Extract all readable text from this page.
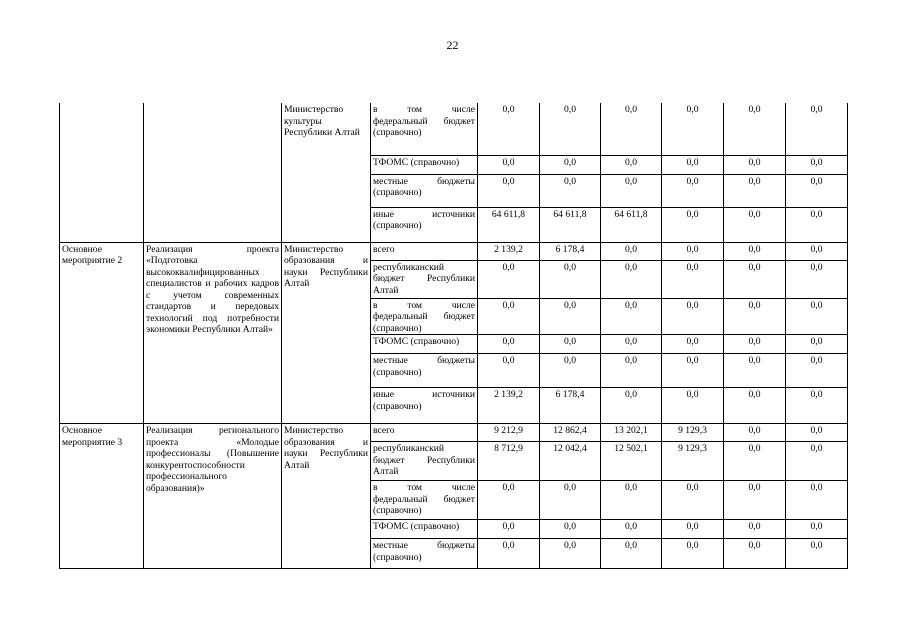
22
		Министерство культуры Республики Алтай	в том числе федеральный бюджет (справочно)	0,0	0,0	0,0	0,0	0,0	0,0
			ТФОМС (справочно)	0,0	0,0	0,0	0,0	0,0	0,0
			местные бюджеты (справочно)	0,0	0,0	0,0	0,0	0,0	0,0
			иные источники (справочно)	64 611,8	64 611,8	64 611,8	0,0	0,0	0,0
Основное мероприятие 2	Реализация проекта «Подготовка высококвалифицированных специалистов и рабочих кадров с учетом современных стандартов и передовых технологий под потребности экономики Республики Алтай»	Министерство образования и науки Республики Алтай	всего	2 139,2	6 178,4	0,0	0,0	0,0	0,0
			республиканский бюджет Республики Алтай	0,0	0,0	0,0	0,0	0,0	0,0
			в том числе федеральный бюджет (справочно)	0,0	0,0	0,0	0,0	0,0	0,0
			ТФОМС (справочно)	0,0	0,0	0,0	0,0	0,0	0,0
			местные бюджеты (справочно)	0,0	0,0	0,0	0,0	0,0	0,0
			иные источники (справочно)	2 139,2	6 178,4	0,0	0,0	0,0	0,0
Основное мероприятие 3	Реализация регионального проекта «Молодые профессионалы (Повышение конкурентоспособности профессионального образования)»	Министерство образования и науки Республики Алтай	всего	9 212,9	12 862,4	13 202,1	9 129,3	0,0	0,0
			республиканский бюджет Республики Алтай	8 712,9	12 042,4	12 502,1	9 129,3	0,0	0,0
			в том числе федеральный бюджет (справочно)	0,0	0,0	0,0	0,0	0,0	0,0
			ТФОМС (справочно)	0,0	0,0	0,0	0,0	0,0	0,0
			местные бюджеты (справочно)	0,0	0,0	0,0	0,0	0,0	0,0
